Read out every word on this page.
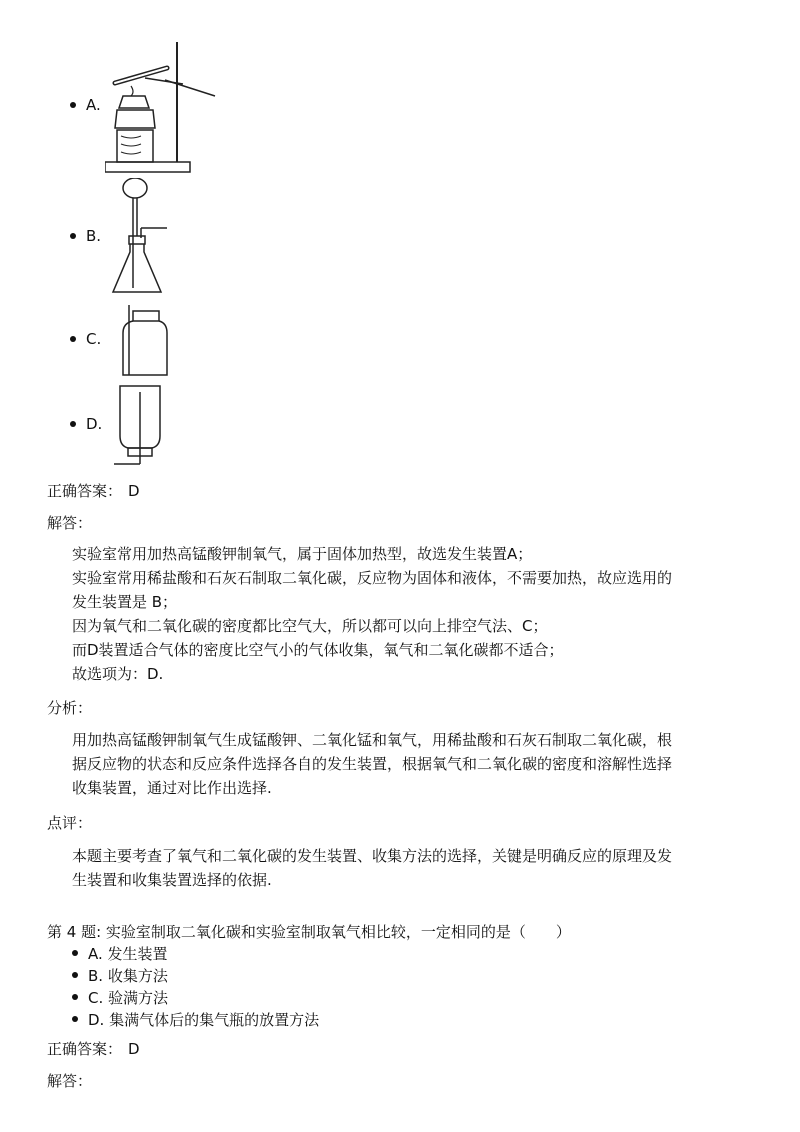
A.
B.
C.
D.
正确答案： D
解答：

实验室常用加热高锰酸钾制氧气，属于固体加热型，故选发生装置A；

实验室常用稀盐酸和石灰石制取二氧化碳，反应物为固体和液体，不需要加热，故应选用的

发生装置是 B；

因为氧气和二氧化碳的密度都比空气大，所以都可以向上排空气法、C；

而D装置适合气体的密度比空气小的气体收集，氧气和二氧化碳都不适合；

故选项为：D.

分析：

用加热高锰酸钾制氧气生成锰酸钾、二氧化锰和氧气，用稀盐酸和石灰石制取二氧化碳，根

据反应物的状态和反应条件选择各自的发生装置，根据氧气和二氧化碳的密度和溶解性选择

收集装置，通过对比作出选择.

点评：

本题主要考查了氧气和二氧化碳的发生装置、收集方法的选择，关键是明确反应的原理及发

生装置和收集装置选择的依据.

第 4 题: 实验室制取二氧化碳和实验室制取氧气相比较，一定相同的是（　　）
A. 发生装置
B. 收集方法
C. 验满方法
D. 集满气体后的集气瓶的放置方法
正确答案： D
解答：
